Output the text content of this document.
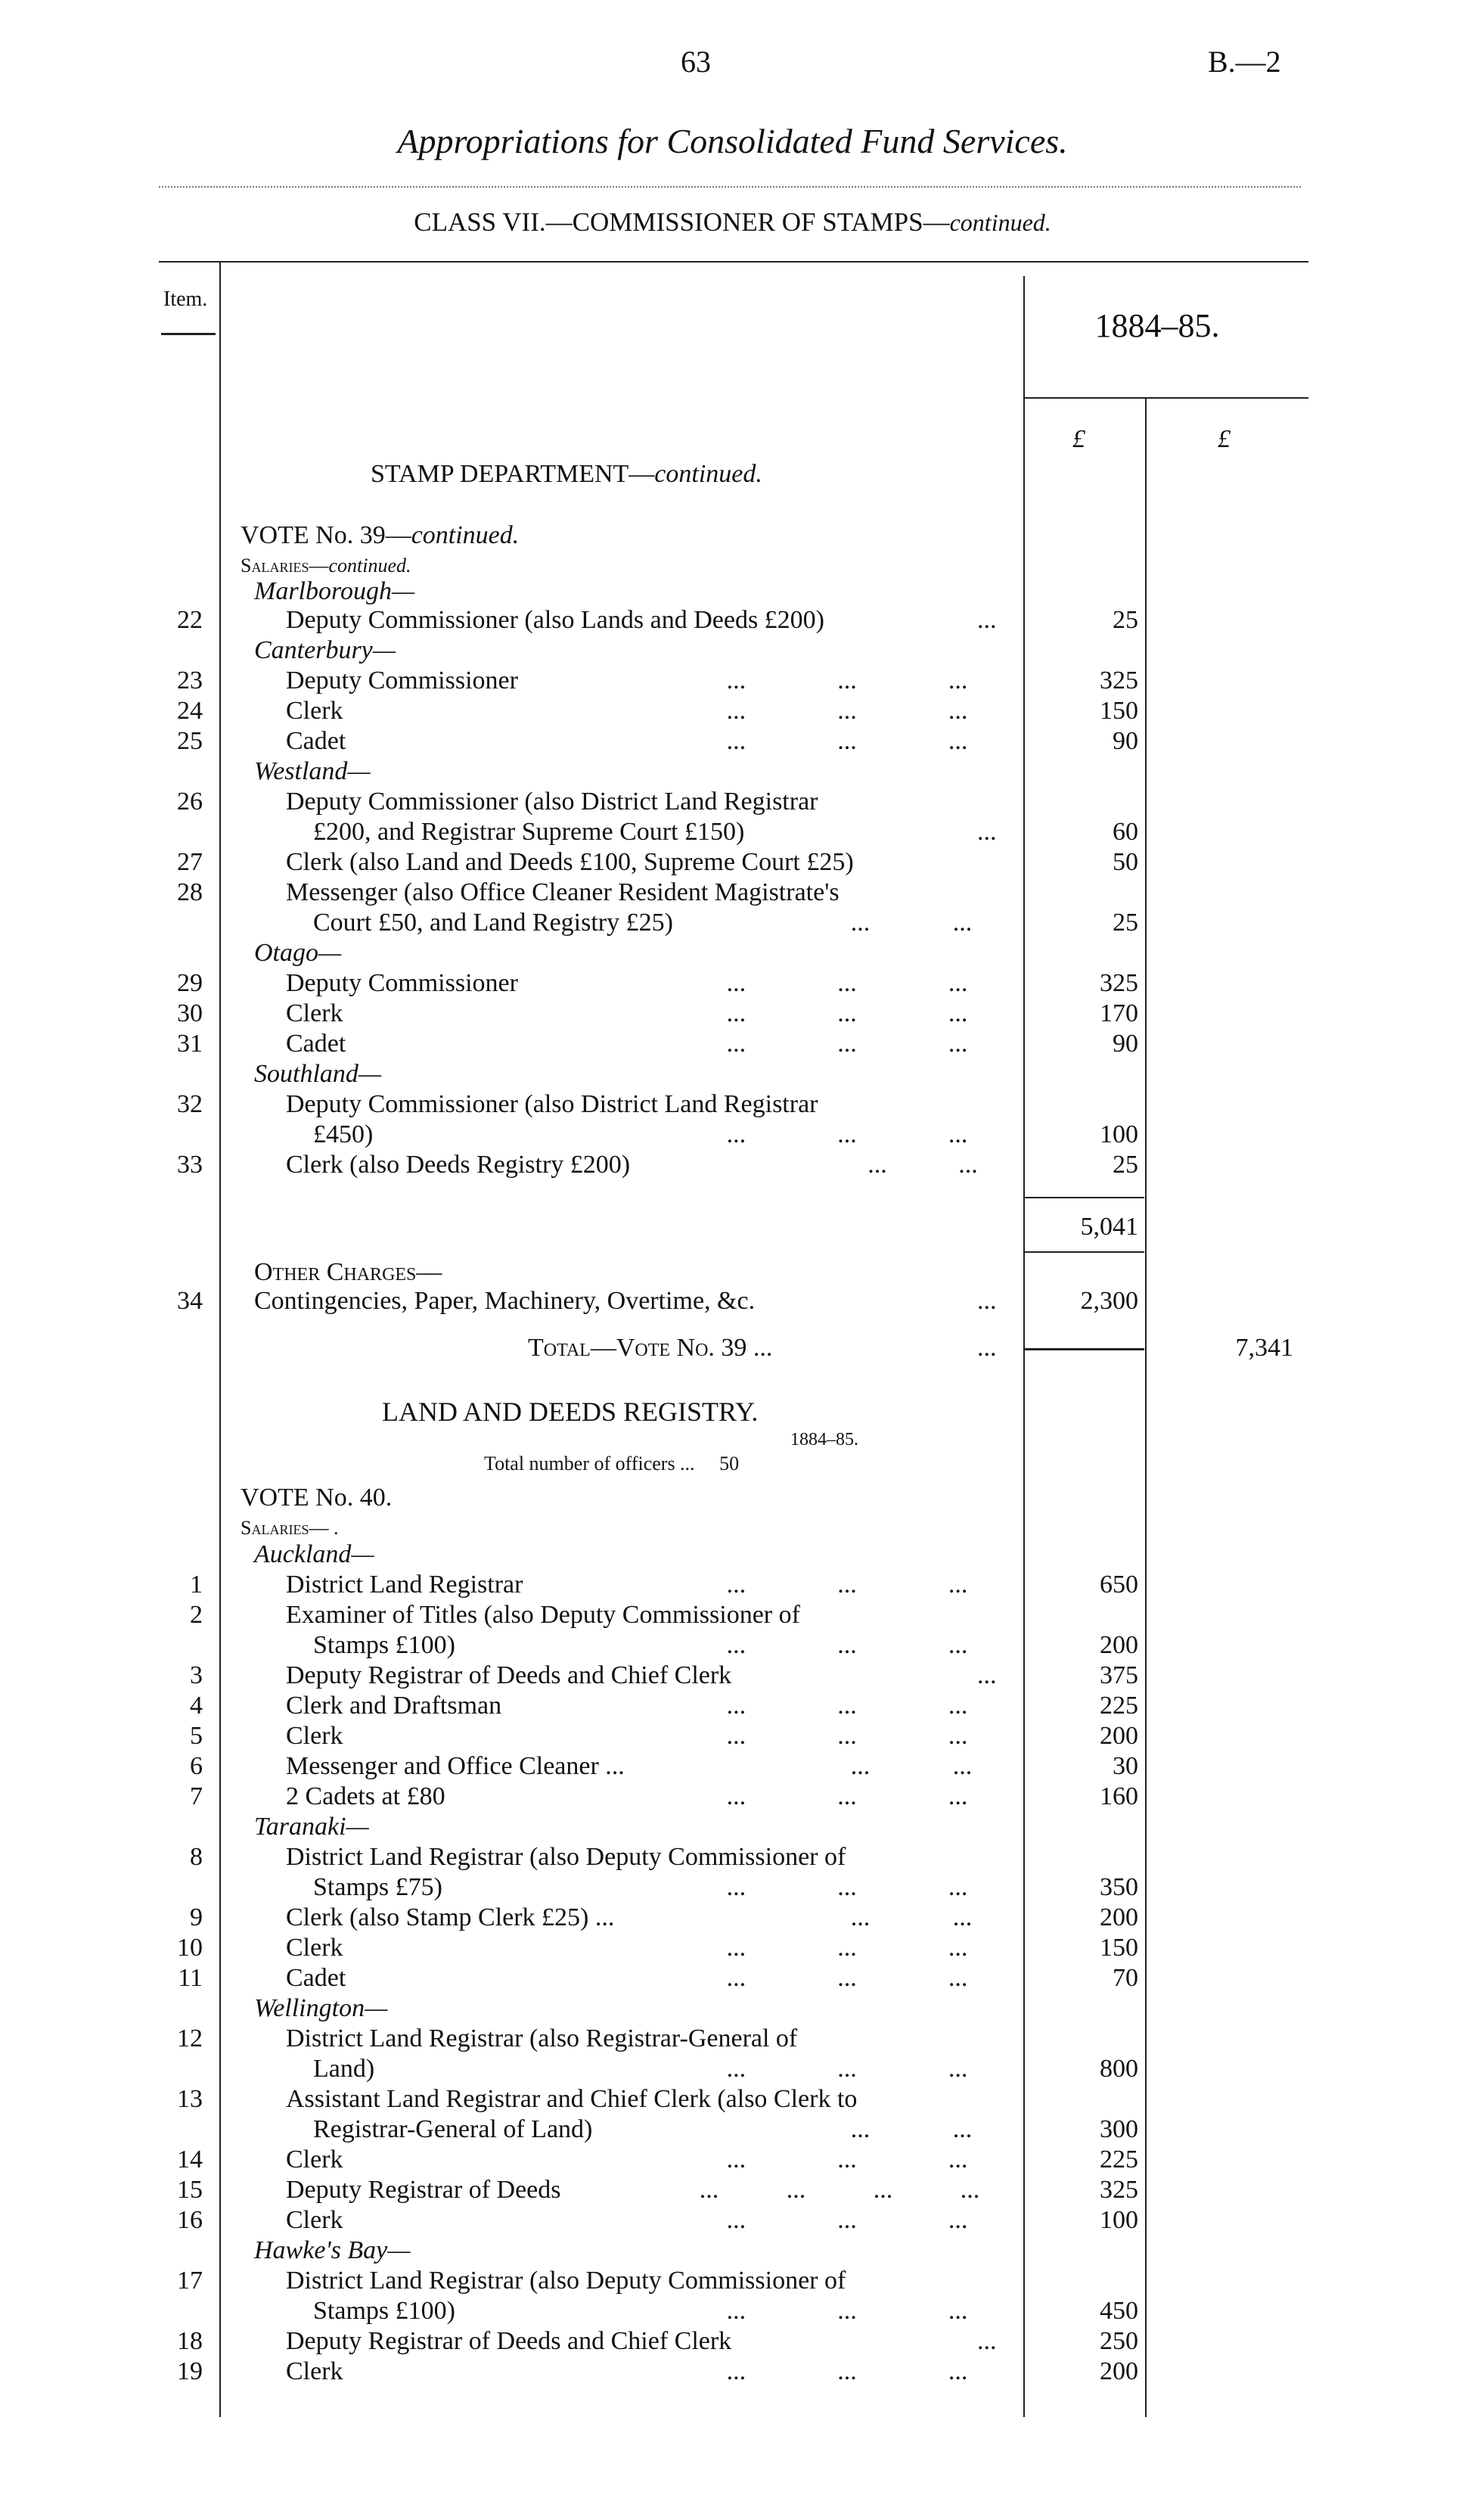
63	B.—2
Appropriations for Consolidated Fund Services.
CLASS VII.—COMMISSIONER OF STAMPS—continued.
Item.
1884–85.
£	£
STAMP DEPARTMENT—continued.
VOTE No. 39—continued.
Salaries—continued.
Marlborough—
22	Deputy Commissioner (also Lands and Deeds £200)	...	25
Canterbury—
23	Deputy Commissioner	...	...	...	325
24	Clerk	...	...	...	150
25	Cadet	...	...	...	90
Westland—
26	Deputy Commissioner (also District Land Registrar
£200, and Registrar Supreme Court £150)	...	60
27	Clerk (also Land and Deeds £100, Supreme Court £25)	50
28	Messenger (also Office Cleaner Resident Magistrate's
Court £50, and Land Registry £25)	...	...	25
Otago—
29	Deputy Commissioner	...	...	...	325
30	Clerk	...	...	...	170
31	Cadet	...	...	...	90
Southland—
32	Deputy Commissioner (also District Land Registrar
£450)	...	...	...	100
33	Clerk (also Deeds Registry £200)	...	...	25
5,041
Other Charges—
34 Contingencies, Paper, Machinery, Overtime, &c.	...	2,300
Total—Vote No. 39 ...	...	7,341
LAND AND DEEDS REGISTRY.
1884–85.
Total number of officers ... 50
VOTE No. 40.
Salaries— .
Auckland—
1	District Land Registrar	...	...	...	650
2	Examiner of Titles (also Deputy Commissioner of
Stamps £100)	...	...	...	200
3	Deputy Registrar of Deeds and Chief Clerk	...	375
4	Clerk and Draftsman	...	...	...	225
5	Clerk	...	...	...	200
6	Messenger and Office Cleaner ...	...	...	30
7	2 Cadets at £80	...	...	...	160
Taranaki—
8	District Land Registrar (also Deputy Commissioner of
Stamps £75)	...	...	...	350
9	Clerk (also Stamp Clerk £25) ...	...	...	200
10	Clerk	...	...	...	150
11	Cadet	...	...	...	70
Wellington—
12	District Land Registrar (also Registrar-General of
Land)	...	...	...	800
13	Assistant Land Registrar and Chief Clerk (also Clerk to
Registrar-General of Land)	...	...	300
14	Clerk	...	...	...	225
15	Deputy Registrar of Deeds	...	...	...	...	325
16	Clerk	...	...	...	100
Hawke's Bay—
17	District Land Registrar (also Deputy Commissioner of
Stamps £100)	...	...	...	450
18	Deputy Registrar of Deeds and Chief Clerk	...	250
19	Clerk	...	...	...	200
